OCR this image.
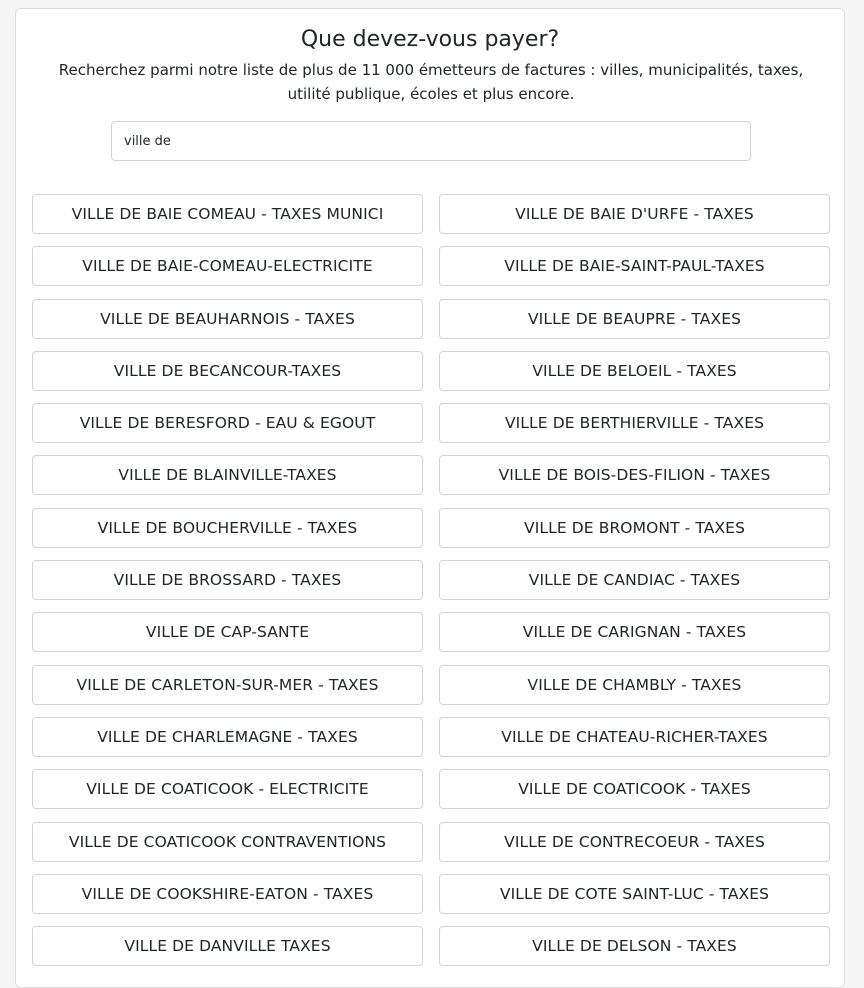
Que devez-vous payer?

Recherchez parmi notre liste de plus de 11 000 émetteurs de factures : villes, municipalités, taxes, utilité publique, écoles et plus encore.

ville de
VILLE DE BAIE COMEAU - TAXES MUNICI	VILLE DE BAIE D'URFE - TAXES
VILLE DE BAIE-COMEAU-ELECTRICITE	VILLE DE BAIE-SAINT-PAUL-TAXES
VILLE DE BEAUHARNOIS - TAXES	VILLE DE BEAUPRE - TAXES
VILLE DE BECANCOUR-TAXES	VILLE DE BELOEIL - TAXES
VILLE DE BERESFORD - EAU & EGOUT	VILLE DE BERTHIERVILLE - TAXES
VILLE DE BLAINVILLE-TAXES	VILLE DE BOIS-DES-FILION - TAXES
VILLE DE BOUCHERVILLE - TAXES	VILLE DE BROMONT - TAXES
VILLE DE BROSSARD - TAXES	VILLE DE CANDIAC - TAXES
VILLE DE CAP-SANTE	VILLE DE CARIGNAN - TAXES
VILLE DE CARLETON-SUR-MER - TAXES	VILLE DE CHAMBLY - TAXES
VILLE DE CHARLEMAGNE - TAXES	VILLE DE CHATEAU-RICHER-TAXES
VILLE DE COATICOOK - ELECTRICITE	VILLE DE COATICOOK - TAXES
VILLE DE COATICOOK CONTRAVENTIONS	VILLE DE CONTRECOEUR - TAXES
VILLE DE COOKSHIRE-EATON - TAXES	VILLE DE COTE SAINT-LUC - TAXES
VILLE DE DANVILLE TAXES	VILLE DE DELSON - TAXES
